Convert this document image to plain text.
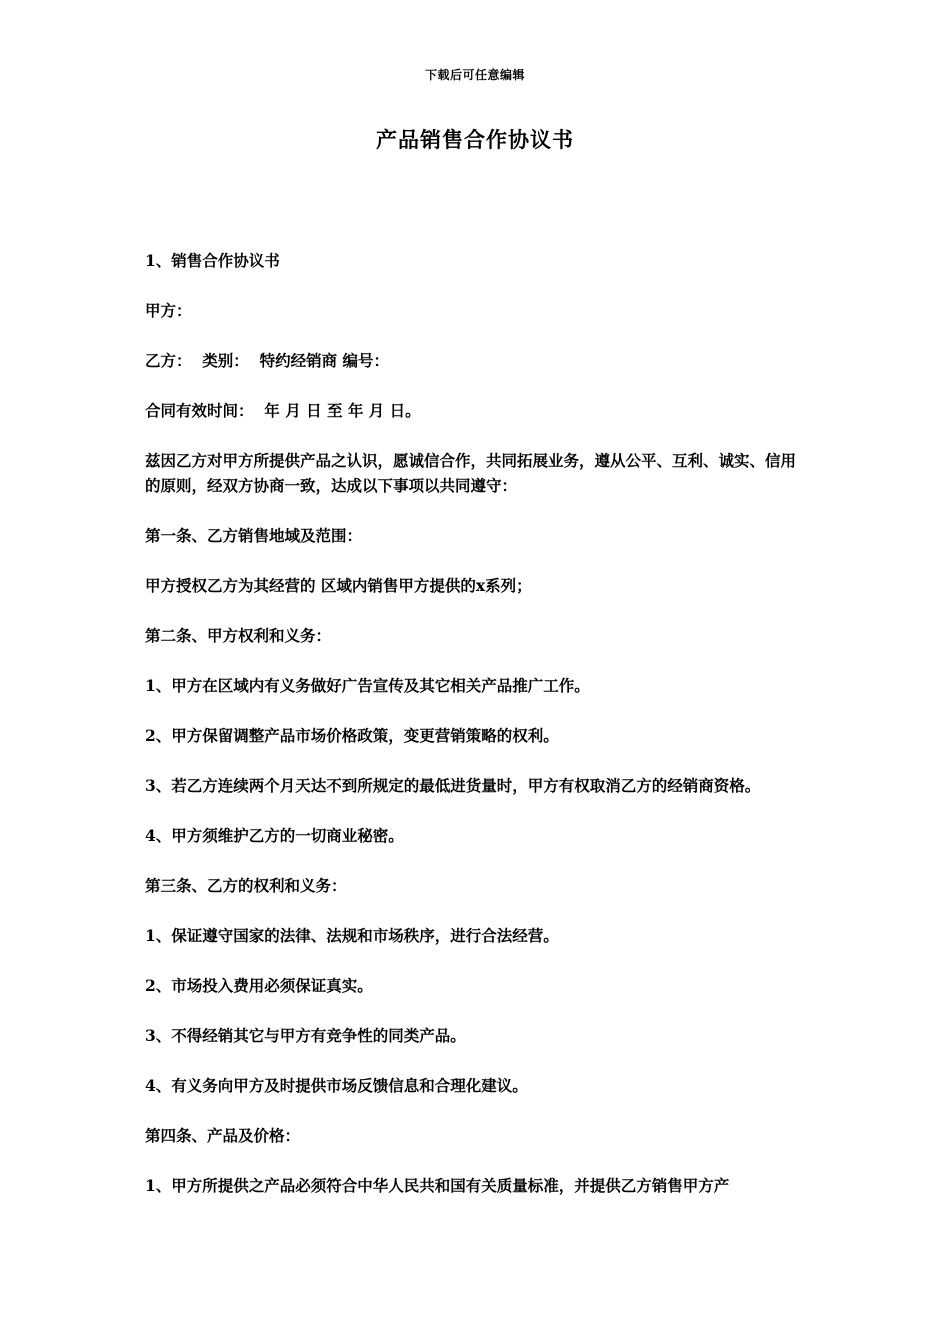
下载后可任意编辑
产品销售合作协议书

1、销售合作协议书

甲方：

乙方：  类别：  特约经销商 编号：

合同有效时间：  年 月 日 至 年 月 日。

兹因乙方对甲方所提供产品之认识，愿诚信合作，共同拓展业务，遵从公平、互利、诚实、信用的原则，经双方协商一致，达成以下事项以共同遵守：

第一条、乙方销售地域及范围：

甲方授权乙方为其经营的 区域内销售甲方提供的x系列；

第二条、甲方权利和义务：

1、甲方在区域内有义务做好广告宣传及其它相关产品推广工作。

2、甲方保留调整产品市场价格政策，变更营销策略的权利。

3、若乙方连续两个月天达不到所规定的最低进货量时，甲方有权取消乙方的经销商资格。

4、甲方须维护乙方的一切商业秘密。

第三条、乙方的权利和义务：

1、保证遵守国家的法律、法规和市场秩序，进行合法经营。

2、市场投入费用必须保证真实。

3、不得经销其它与甲方有竞争性的同类产品。

4、有义务向甲方及时提供市场反馈信息和合理化建议。

第四条、产品及价格：

1、甲方所提供之产品必须符合中华人民共和国有关质量标准，并提供乙方销售甲方产
